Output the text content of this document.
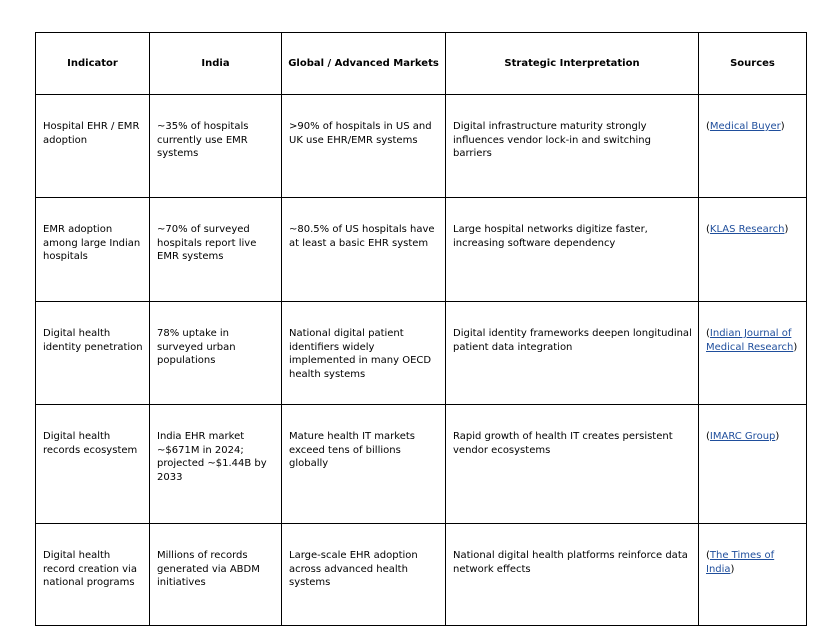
Indicator	India	Global / Advanced Markets	Strategic Interpretation	Sources
Hospital EHR / EMR adoption	~35% of hospitals currently use EMR systems	>90% of hospitals in US and UK use EHR/EMR systems	Digital infrastructure maturity strongly influences vendor lock-in and switching barriers	(Medical Buyer)
EMR adoption among large Indian hospitals	~70% of surveyed hospitals report live EMR systems	~80.5% of US hospitals have at least a basic EHR system	Large hospital networks digitize faster, increasing software dependency	(KLAS Research)
Digital health identity penetration	78% uptake in surveyed urban populations	National digital patient identifiers widely implemented in many OECD health systems	Digital identity frameworks deepen longitudinal patient data integration	(Indian Journal of Medical Research)
Digital health records ecosystem	India EHR market ~$671M in 2024; projected ~$1.44B by 2033	Mature health IT markets exceed tens of billions globally	Rapid growth of health IT creates persistent vendor ecosystems	(IMARC Group)
Digital health record creation via national programs	Millions of records generated via ABDM initiatives	Large-scale EHR adoption across advanced health systems	National digital health platforms reinforce data network effects	(The Times of India)
